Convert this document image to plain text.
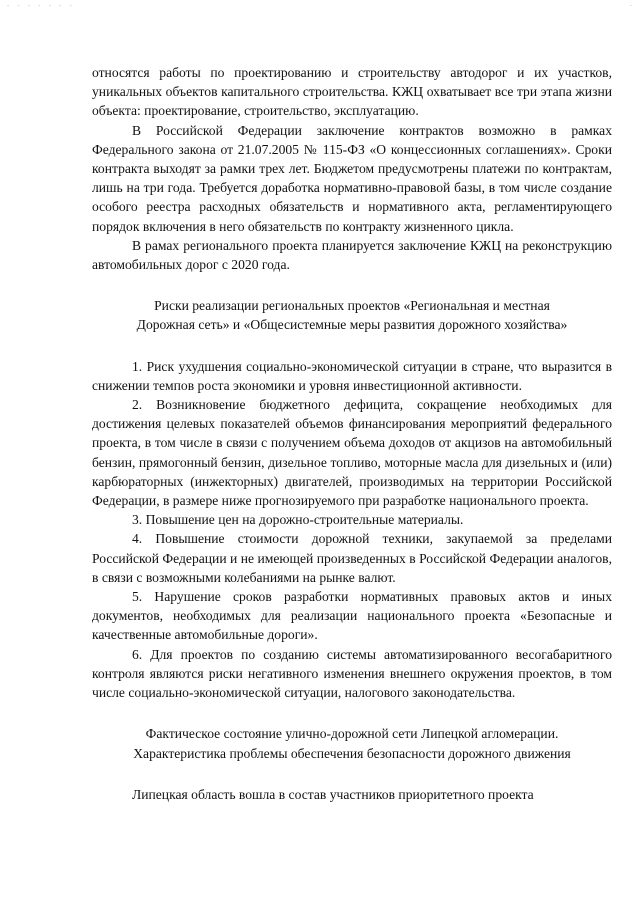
- - - - - - -	·

относятся работы по проектированию и строительству автодорог и их участков, уникальных объектов капитального строительства. КЖЦ охватывает все три этапа жизни объекта: проектирование, строительство, эксплуатацию.

В Российской Федерации заключение контрактов возможно в рамках Федерального закона от 21.07.2005 № 115-ФЗ «О концессионных соглашениях». Сроки контракта выходят за рамки трех лет. Бюджетом предусмотрены платежи по контрактам, лишь на три года. Требуется доработка нормативно-правовой базы, в том числе создание особого реестра расходных обязательств и нормативного акта, регламентирующего порядок включения в него обязательств по контракту жизненного цикла.

В рамах регионального проекта планируется заключение КЖЦ на реконструкцию автомобильных дорог с 2020 года.

Риски реализации региональных проектов «Региональная и местная

Дорожная сеть» и «Общесистемные меры развития дорожного хозяйства»

1. Риск ухудшения социально-экономической ситуации в стране, что выразится в снижении темпов роста экономики и уровня инвестиционной активности.

2. Возникновение бюджетного дефицита, сокращение необходимых для достижения целевых показателей объемов финансирования мероприятий федерального проекта, в том числе в связи с получением объема доходов от акцизов на автомобильный бензин, прямогонный бензин, дизельное топливо, моторные масла для дизельных и (или) карбюраторных (инжекторных) двигателей, производимых на территории Российской Федерации, в размере ниже прогнозируемого при разработке национального проекта.

3. Повышение цен на дорожно-строительные материалы.

4. Повышение стоимости дорожной техники, закупаемой за пределами Российской Федерации и не имеющей произведенных в Российской Федерации аналогов, в связи с возможными колебаниями на рынке валют.

5. Нарушение сроков разработки нормативных правовых актов и иных документов, необходимых для реализации национального проекта «Безопасные и качественные автомобильные дороги».

6. Для проектов по созданию системы автоматизированного весогабаритного контроля являются риски негативного изменения внешнего окружения проектов, в том числе социально-экономической ситуации, налогового законодательства.

Фактическое состояние улично-дорожной сети Липецкой агломерации.

Характеристика проблемы обеспечения безопасности дорожного движения

Липецкая область вошла в состав участников приоритетного проекта
